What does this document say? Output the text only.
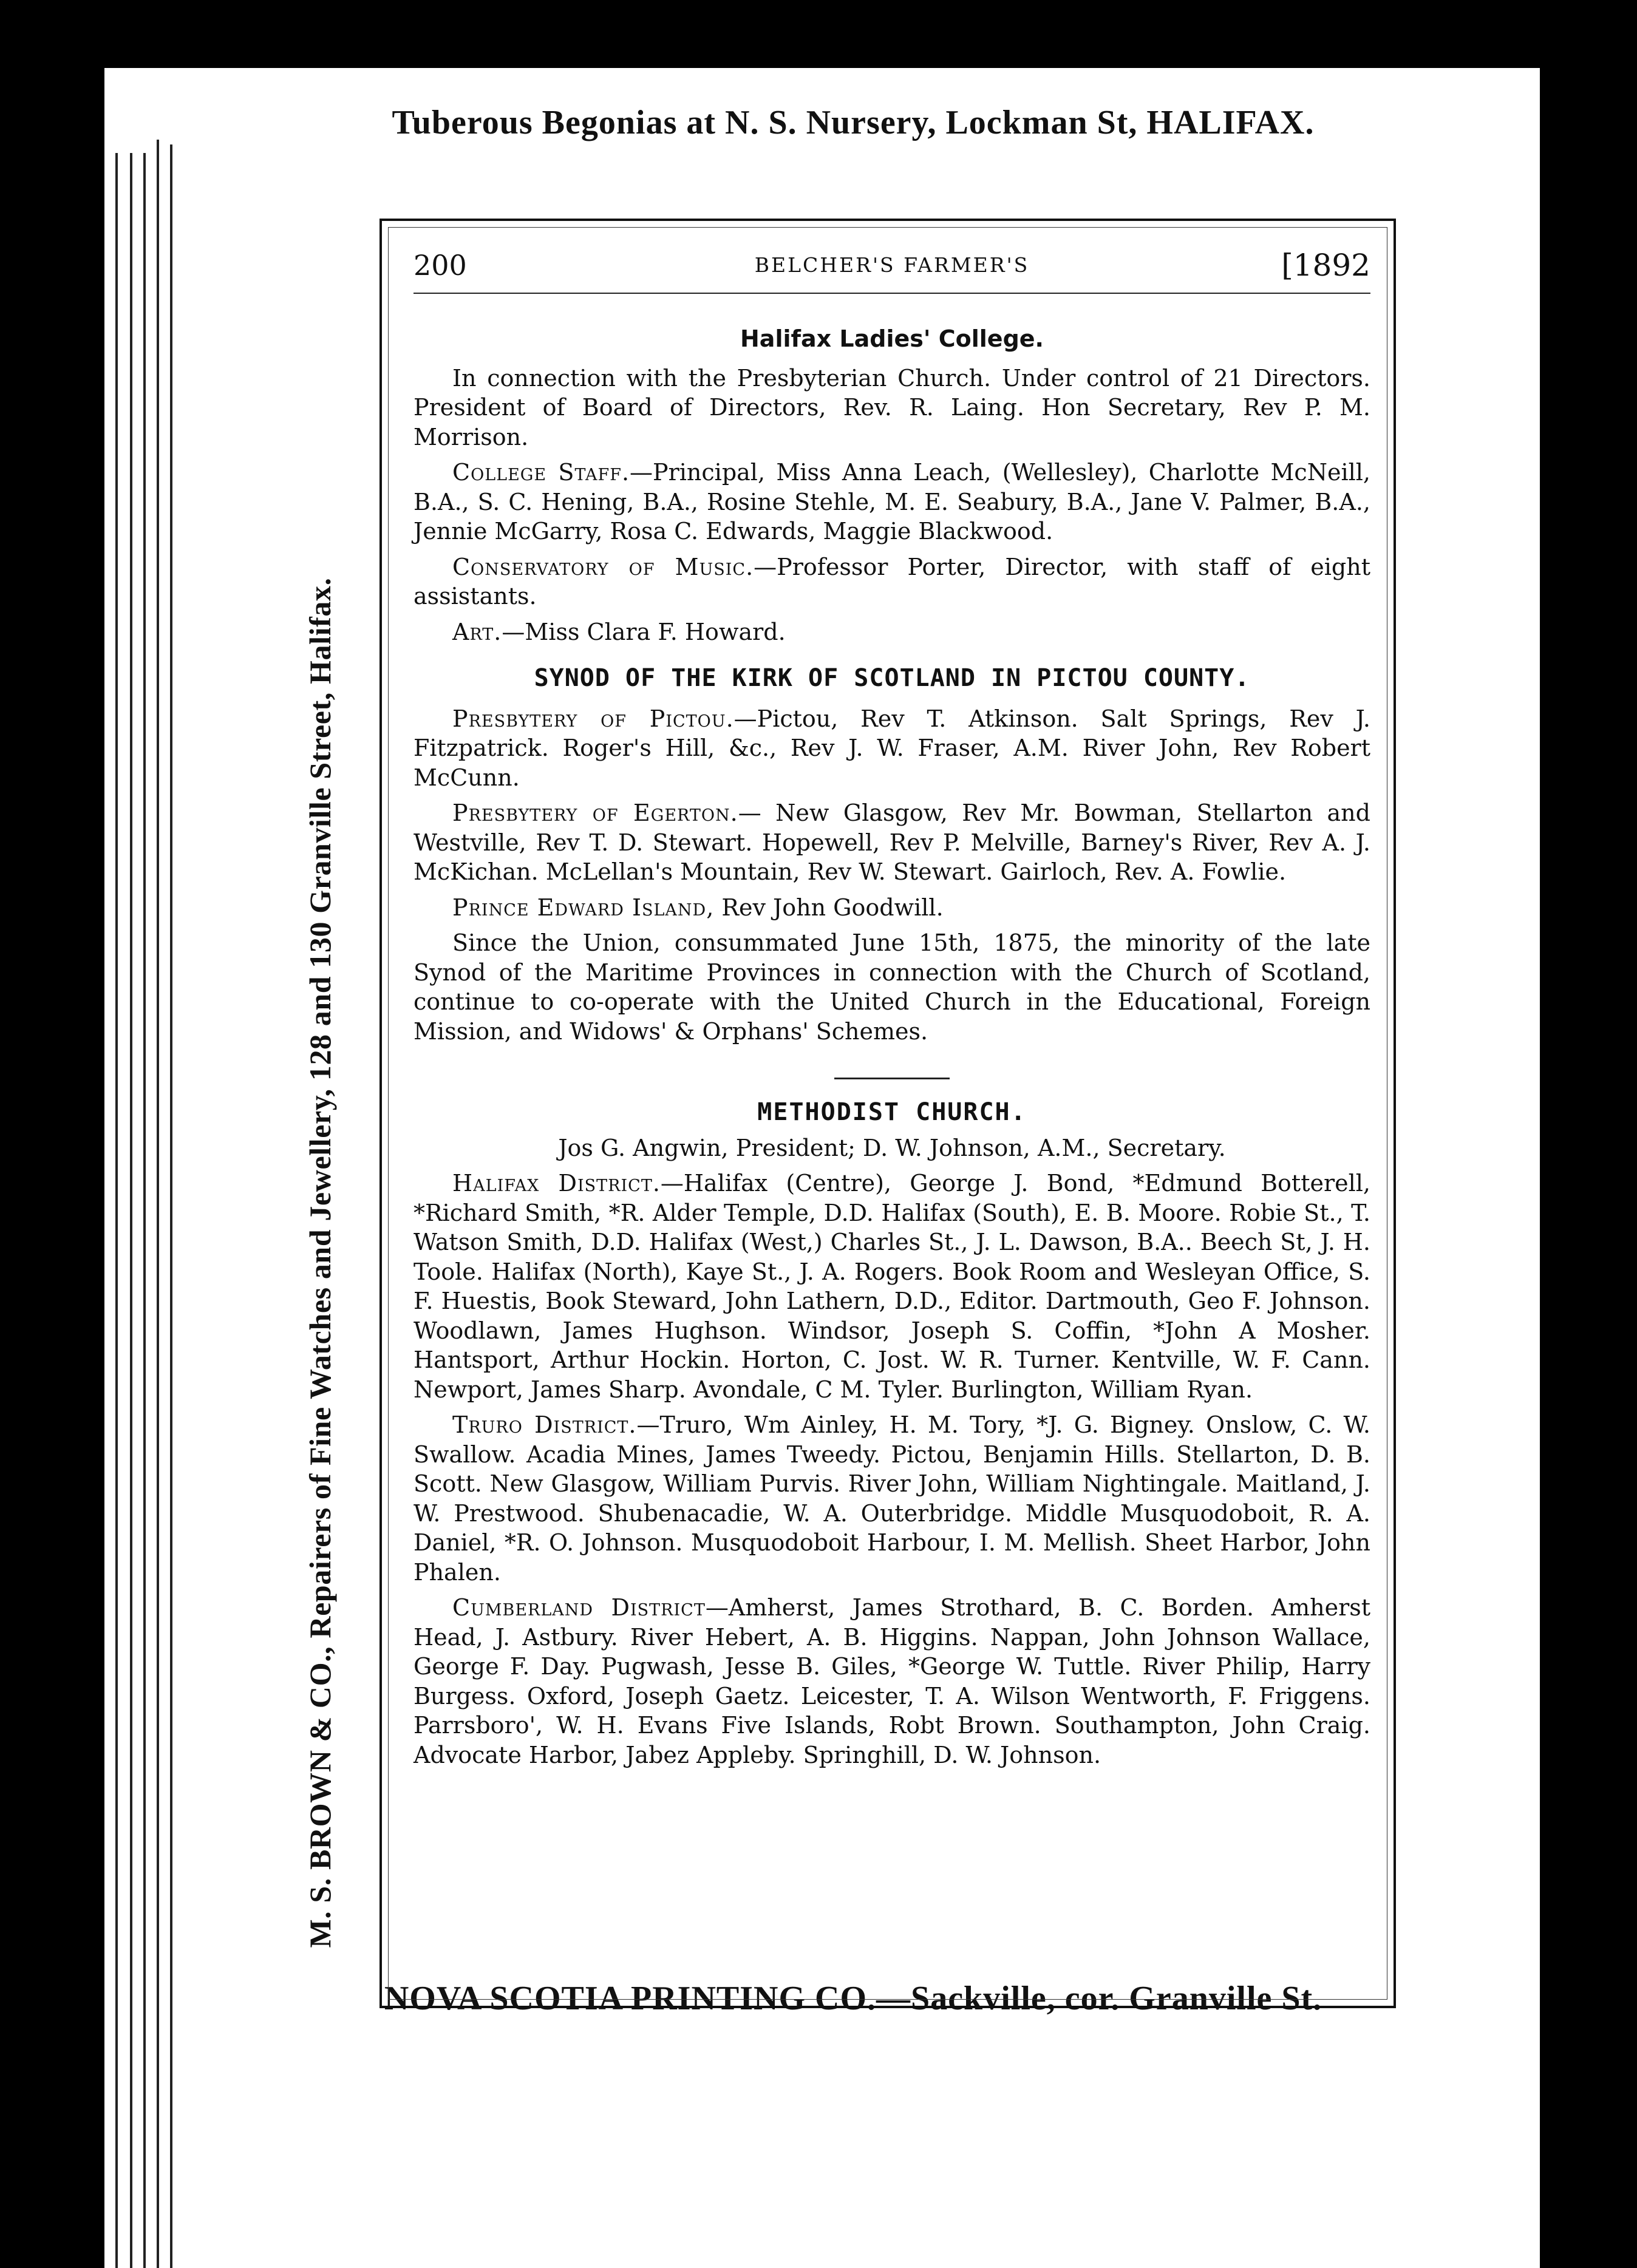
Tuberous Begonias at N. S. Nursery, Lockman St, HALIFAX.
M. S. BROWN & CO., Repairers of Fine Watches and Jewellery, 128 and 130 Granville Street, Halifax.
NOVA SCOTIA PRINTING CO.—Sackville, cor. Granville St.
200	BELCHER'S FARMER'S	[1892
Halifax Ladies' College.
In connection with the Presbyterian Church. Under control of 21 Directors. President of Board of Directors, Rev. R. Laing. Hon Secretary, Rev P. M. Morrison.
College Staff.—Principal, Miss Anna Leach, (Wellesley), Charlotte McNeill, B.A., S. C. Hening, B.A., Rosine Stehle, M. E. Seabury, B.A., Jane V. Palmer, B.A., Jennie McGarry, Rosa C. Edwards, Maggie Blackwood.
Conservatory of Music.—Professor Porter, Director, with staff of eight assistants.
Art.—Miss Clara F. Howard.
SYNOD OF THE KIRK OF SCOTLAND IN PICTOU COUNTY.
Presbytery of Pictou.—Pictou, Rev T. Atkinson. Salt Springs, Rev J. Fitzpatrick. Roger's Hill, &c., Rev J. W. Fraser, A.M. River John, Rev Robert McCunn.
Presbytery of Egerton.— New Glasgow, Rev Mr. Bowman, Stellarton and Westville, Rev T. D. Stewart. Hopewell, Rev P. Melville, Barney's River, Rev A. J. McKichan. McLellan's Mountain, Rev W. Stewart. Gairloch, Rev. A. Fowlie.
Prince Edward Island, Rev John Goodwill.
Since the Union, consummated June 15th, 1875, the minority of the late Synod of the Maritime Provinces in connection with the Church of Scotland, continue to co-operate with the United Church in the Educational, Foreign Mission, and Widows' & Orphans' Schemes.
METHODIST CHURCH.
Jos G. Angwin, President; D. W. Johnson, A.M., Secretary.
Halifax District.—Halifax (Centre), George J. Bond, *Edmund Botterell, *Richard Smith, *R. Alder Temple, D.D. Halifax (South), E. B. Moore. Robie St., T. Watson Smith, D.D. Halifax (West,) Charles St., J. L. Dawson, B.A.. Beech St, J. H. Toole. Halifax (North), Kaye St., J. A. Rogers. Book Room and Wesleyan Office, S. F. Huestis, Book Steward, John Lathern, D.D., Editor. Dartmouth, Geo F. Johnson. Woodlawn, James Hughson. Windsor, Joseph S. Coffin, *John A Mosher. Hantsport, Arthur Hockin. Horton, C. Jost. W. R. Turner. Kentville, W. F. Cann. Newport, James Sharp. Avondale, C M. Tyler. Burlington, William Ryan.
Truro District.—Truro, Wm Ainley, H. M. Tory, *J. G. Bigney. Onslow, C. W. Swallow. Acadia Mines, James Tweedy. Pictou, Benjamin Hills. Stellarton, D. B. Scott. New Glasgow, William Purvis. River John, William Nightingale. Maitland, J. W. Prestwood. Shubenacadie, W. A. Outerbridge. Middle Musquodoboit, R. A. Daniel, *R. O. Johnson. Musquodoboit Harbour, I. M. Mellish. Sheet Harbor, John Phalen.
Cumberland District—Amherst, James Strothard, B. C. Borden. Amherst Head, J. Astbury. River Hebert, A. B. Higgins. Nappan, John Johnson Wallace, George F. Day. Pugwash, Jesse B. Giles, *George W. Tuttle. River Philip, Harry Burgess. Oxford, Joseph Gaetz. Leicester, T. A. Wilson Wentworth, F. Friggens. Parrsboro', W. H. Evans Five Islands, Robt Brown. Southampton, John Craig. Advocate Harbor, Jabez Appleby. Springhill, D. W. Johnson.
